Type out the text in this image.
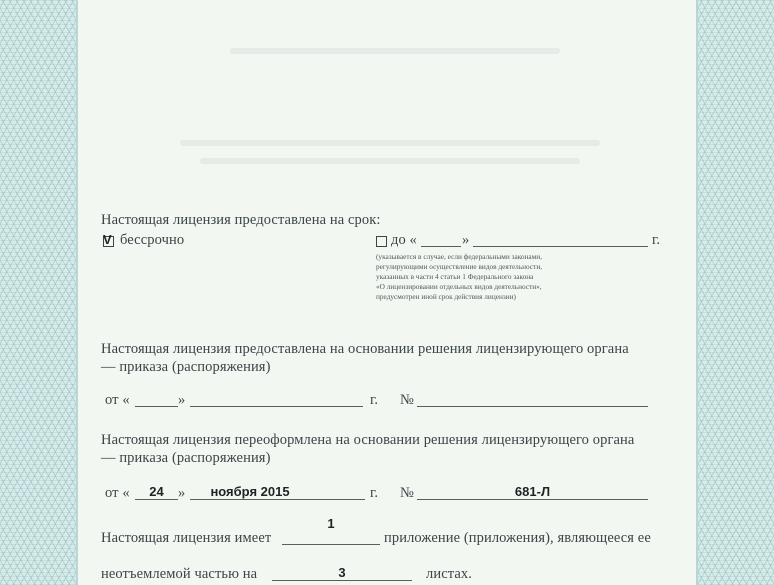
Настоящая лицензия предоставлена на срок:
V бессрочно	до «	»	г.
(указывается в случае, если федеральными законами,
регулирующими осуществление видов деятельности,
указанных в части 4 статьи 1 Федерального закона
«О лицензировании отдельных видов деятельности»,
предусмотрен иной срок действия лицензии)
Настоящая лицензия предоставлена на основании решения лицензирующего органа
— приказа (распоряжения)
от «	»	г. №
Настоящая лицензия переоформлена на основании решения лицензирующего органа
— приказа (распоряжения)
от «	24 »	ноября 2015	г. №	681-Л
Настоящая лицензия имеет
1
приложение (приложения), являющееся ее
неотъемлемой частью на	3	листах.
